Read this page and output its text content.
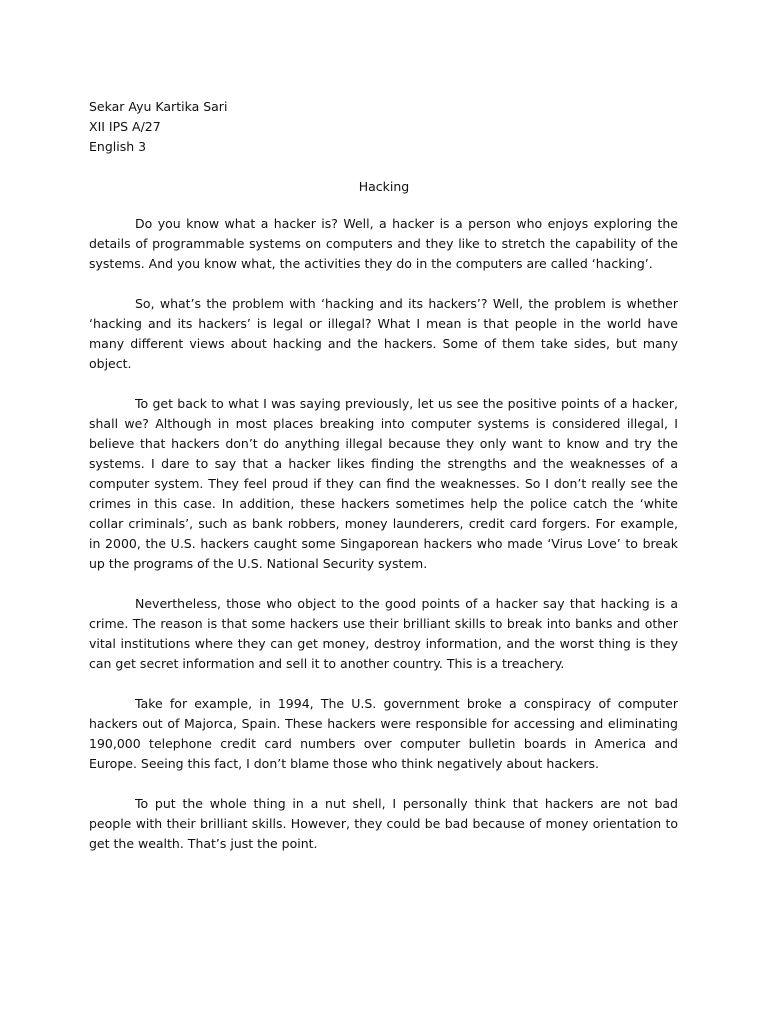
Sekar Ayu Kartika Sari
XII IPS A/27
English 3
Hacking

Do you know what a hacker is? Well, a hacker is a person who enjoys exploring the details of programmable systems on computers and they like to stretch the capability of the systems. And you know what, the activities they do in the computers are called ‘hacking’.

So, what’s the problem with ‘hacking and its hackers’? Well, the problem is whether ‘hacking and its hackers’ is legal or illegal? What I mean is that people in the world have many different views about hacking and the hackers. Some of them take sides, but many object.

To get back to what I was saying previously, let us see the positive points of a hacker, shall we? Although in most places breaking into computer systems is considered illegal, I believe that hackers don’t do anything illegal because they only want to know and try the systems. I dare to say that a hacker likes finding the strengths and the weaknesses of a computer system. They feel proud if they can find the weaknesses. So I don’t really see the crimes in this case. In addition, these hackers sometimes help the police catch the ‘white collar criminals’, such as bank robbers, money launderers, credit card forgers. For example, in 2000, the U.S. hackers caught some Singaporean hackers who made ‘Virus Love’ to break up the programs of the U.S. National Security system.

Nevertheless, those who object to the good points of a hacker say that hacking is a crime. The reason is that some hackers use their brilliant skills to break into banks and other vital institutions where they can get money, destroy information, and the worst thing is they can get secret information and sell it to another country. This is a treachery.

Take for example, in 1994, The U.S. government broke a conspiracy of computer hackers out of Majorca, Spain. These hackers were responsible for accessing and eliminating 190,000 telephone credit card numbers over computer bulletin boards in America and Europe. Seeing this fact, I don’t blame those who think negatively about hackers.

To put the whole thing in a nut shell, I personally think that hackers are not bad people with their brilliant skills. However, they could be bad because of money orientation to get the wealth. That’s just the point.
